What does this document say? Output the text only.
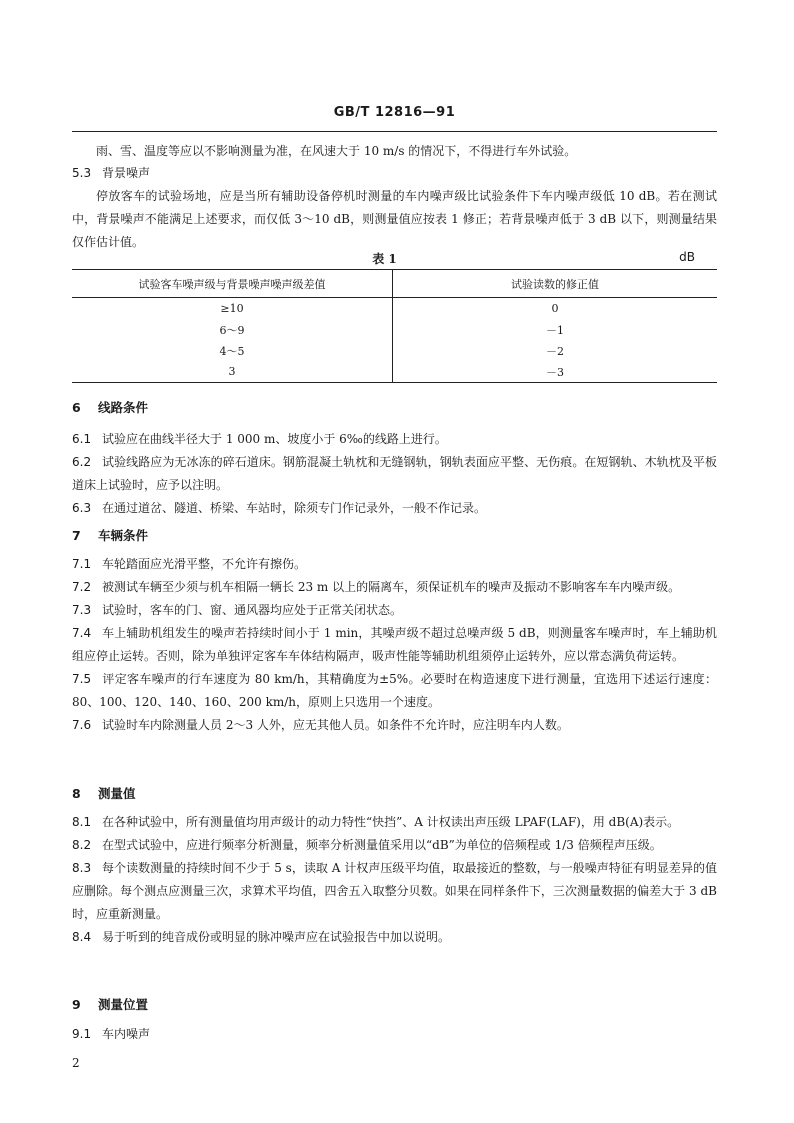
GB/T 12816—91

雨、雪、温度等应以不影响测量为准，在风速大于 10 m/s 的情况下，不得进行车外试验。

5.3 背景噪声

停放客车的试验场地，应是当所有辅助设备停机时测量的车内噪声级比试验条件下车内噪声级低 10 dB。若在测试中，背景噪声不能满足上述要求，而仅低 3～10 dB，则测量值应按表 1 修正；若背景噪声低于 3 dB 以下，则测量结果仅作估计值。

表 1	dB
试验客车噪声级与背景噪声噪声级差值	试验读数的修正值
≥10	0
6～9	－1
4～5	－2
3	－3

6 线路条件

6.1 试验应在曲线半径大于 1 000 m、坡度小于 6‰的线路上进行。

6.2 试验线路应为无冰冻的碎石道床。钢筋混凝土轨枕和无缝钢轨，钢轨表面应平整、无伤痕。在短钢轨、木轨枕及平板道床上试验时，应予以注明。

6.3 在通过道岔、隧道、桥梁、车站时，除须专门作记录外，一般不作记录。

7 车辆条件

7.1 车轮踏面应光滑平整，不允许有擦伤。

7.2 被测试车辆至少须与机车相隔一辆长 23 m 以上的隔离车，须保证机车的噪声及振动不影响客车车内噪声级。

7.3 试验时，客车的门、窗、通风器均应处于正常关闭状态。

7.4 车上辅助机组发生的噪声若持续时间小于 1 min，其噪声级不超过总噪声级 5 dB，则测量客车噪声时，车上辅助机组应停止运转。否则，除为单独评定客车车体结构隔声，吸声性能等辅助机组须停止运转外，应以常态满负荷运转。

7.5 评定客车噪声的行车速度为 80 km/h，其精确度为±5%。必要时在构造速度下进行测量，宜选用下述运行速度：80、100、120、140、160、200 km/h，原则上只选用一个速度。

7.6 试验时车内除测量人员 2～3 人外，应无其他人员。如条件不允许时，应注明车内人数。

8 测量值

8.1 在各种试验中，所有测量值均用声级计的动力特性“快挡”、A 计权读出声压级 LPAF(LAF)，用 dB(A)表示。

8.2 在型式试验中，应进行频率分析测量，频率分析测量值采用以“dB”为单位的倍频程或 1/3 倍频程声压级。

8.3 每个读数测量的持续时间不少于 5 s，读取 A 计权声压级平均值，取最接近的整数，与一般噪声特征有明显差异的值应删除。每个测点应测量三次，求算术平均值，四舍五入取整分贝数。如果在同样条件下，三次测量数据的偏差大于 3 dB 时，应重新测量。

8.4 易于听到的纯音成份或明显的脉冲噪声应在试验报告中加以说明。

9 测量位置

9.1 车内噪声

2
